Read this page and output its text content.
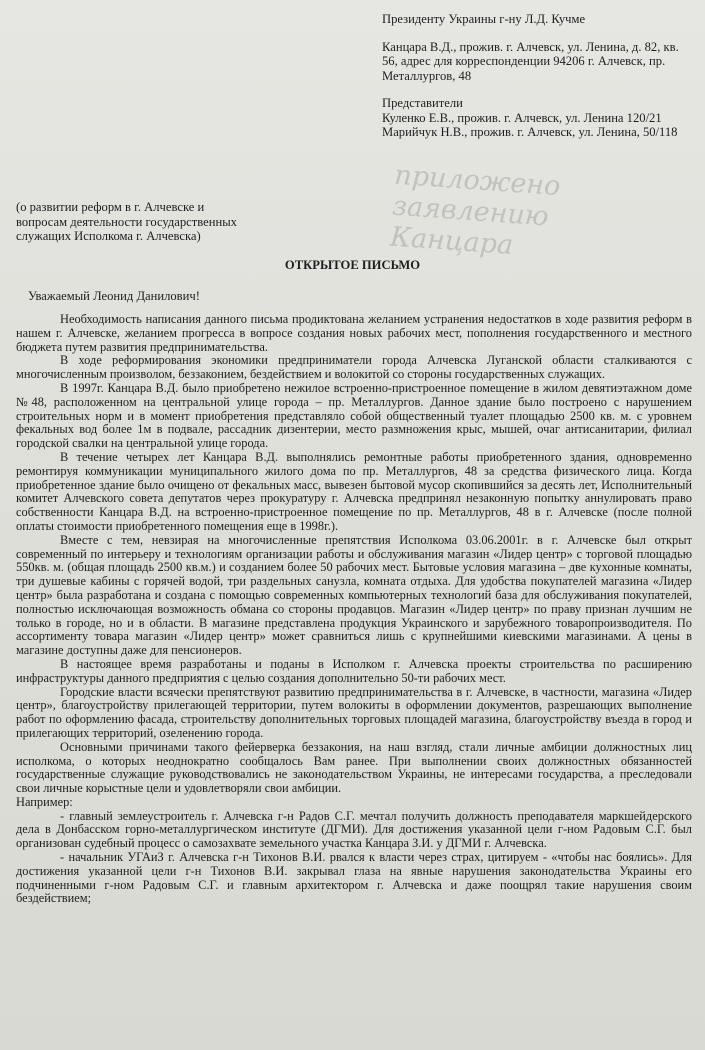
Президенту Украины г-ну Л.Д. Кучме

Канцара В.Д., прожив. г. Алчевск, ул. Ленина, д. 82, кв. 56, адрес для корреспонденции 94206 г. Алчевск, пр. Металлургов, 48

Представители

Куленко Е.В., прожив. г. Алчевск, ул. Ленина 120/21

Марийчук Н.В., прожив. г. Алчевск, ул. Ленина, 50/118

приложено

заявлению

Канцара

(о развитии реформ в г. Алчевске и вопросам деятельности государственных служащих Исполкома г. Алчевска)

ОТКРЫТОЕ ПИСЬМО
Уважаемый Леонид Данилович!

Необходимость написания данного письма продиктована желанием устранения недостатков в ходе развития реформ в нашем г. Алчевске, желанием прогресса в вопросе создания новых рабочих мест, пополнения государственного и местного бюджета путем развития предпринимательства.

В ходе реформирования экономики предприниматели города Алчевска Луганской области сталкиваются с многочисленным произволом, беззаконием, бездействием и волокитой со стороны государственных служащих.

В 1997г. Канцара В.Д. было приобретено нежилое встроенно-пристроенное помещение в жилом девятиэтажном доме №48, расположенном на центральной улице города – пр. Металлургов. Данное здание было построено с нарушением строительных норм и в момент приобретения представляло собой общественный туалет площадью 2500 кв. м. с уровнем фекальных вод более 1м в подвале, рассадник дизентерии, место размножения крыс, мышей, очаг антисанитарии, филиал городской свалки на центральной улице города.

В течение четырех лет Канцара В.Д. выполнялись ремонтные работы приобретенного здания, одновременно ремонтируя коммуникации муниципального жилого дома по пр. Металлургов, 48 за средства физического лица. Когда приобретенное здание было очищено от фекальных масс, вывезен бытовой мусор скопившийся за десять лет, Исполнительный комитет Алчевского совета депутатов через прокуратуру г. Алчевска предпринял незаконную попытку аннулировать право собственности Канцара В.Д. на встроенно-пристроенное помещение по пр. Металлургов, 48 в г. Алчевске (после полной оплаты стоимости приобретенного помещения еще в 1998г.).

Вместе с тем, невзирая на многочисленные препятствия Исполкома 03.06.2001г. в г. Алчевске был открыт современный по интерьеру и технологиям организации работы и обслуживания магазин «Лидер центр» с торговой площадью 550кв. м. (общая площадь 2500 кв.м.) и созданием более 50 рабочих мест. Бытовые условия магазина – две кухонные комнаты, три душевые кабины с горячей водой, три раздельных санузла, комната отдыха. Для удобства покупателей магазина «Лидер центр» была разработана и создана с помощью современных компьютерных технологий база для обслуживания покупателей, полностью исключающая возможность обмана со стороны продавцов. Магазин «Лидер центр» по праву признан лучшим не только в городе, но и в области. В магазине представлена продукция Украинского и зарубежного товаропроизводителя. По ассортименту товара магазин «Лидер центр» может сравниться лишь с крупнейшими киевскими магазинами. А цены в магазине доступны даже для пенсионеров.

В настоящее время разработаны и поданы в Исполком г. Алчевска проекты строительства по расширению инфраструктуры данного предприятия с целью создания дополнительно 50-ти рабочих мест.

Городские власти всячески препятствуют развитию предпринимательства в г. Алчевске, в частности, магазина «Лидер центр», благоустройству прилегающей территории, путем волокиты в оформлении документов, разрешающих выполнение работ по оформлению фасада, строительству дополнительных торговых площадей магазина, благоустройству въезда в город и прилегающих территорий, озеленению города.

Основными причинами такого фейерверка беззакония, на наш взгляд, стали личные амбиции должностных лиц исполкома, о которых неоднократно сообщалось Вам ранее. При выполнении своих должностных обязанностей государственные служащие руководствовались не законодательством Украины, не интересами государства, а преследовали свои личные корыстные цели и удовлетворяли свои амбиции.

Например:

- главный землеустроитель г. Алчевска г-н Радов С.Г. мечтал получить должность преподавателя маркшейдерского дела в Донбасском горно-металлургическом институте (ДГМИ). Для достижения указанной цели г-ном Радовым С.Г. был организован судебный процесс о самозахвате земельного участка Канцара З.И. у ДГМИ г. Алчевска.

- начальник УГАиЗ г. Алчевска г-н Тихонов В.И. рвался к власти через страх, цитируем - «чтобы нас боялись». Для достижения указанной цели г-н Тихонов В.И. закрывал глаза на явные нарушения законодательства Украины его подчиненными г-ном Радовым С.Г. и главным архитектором г. Алчевска и даже поощрял такие нарушения своим бездействием;
